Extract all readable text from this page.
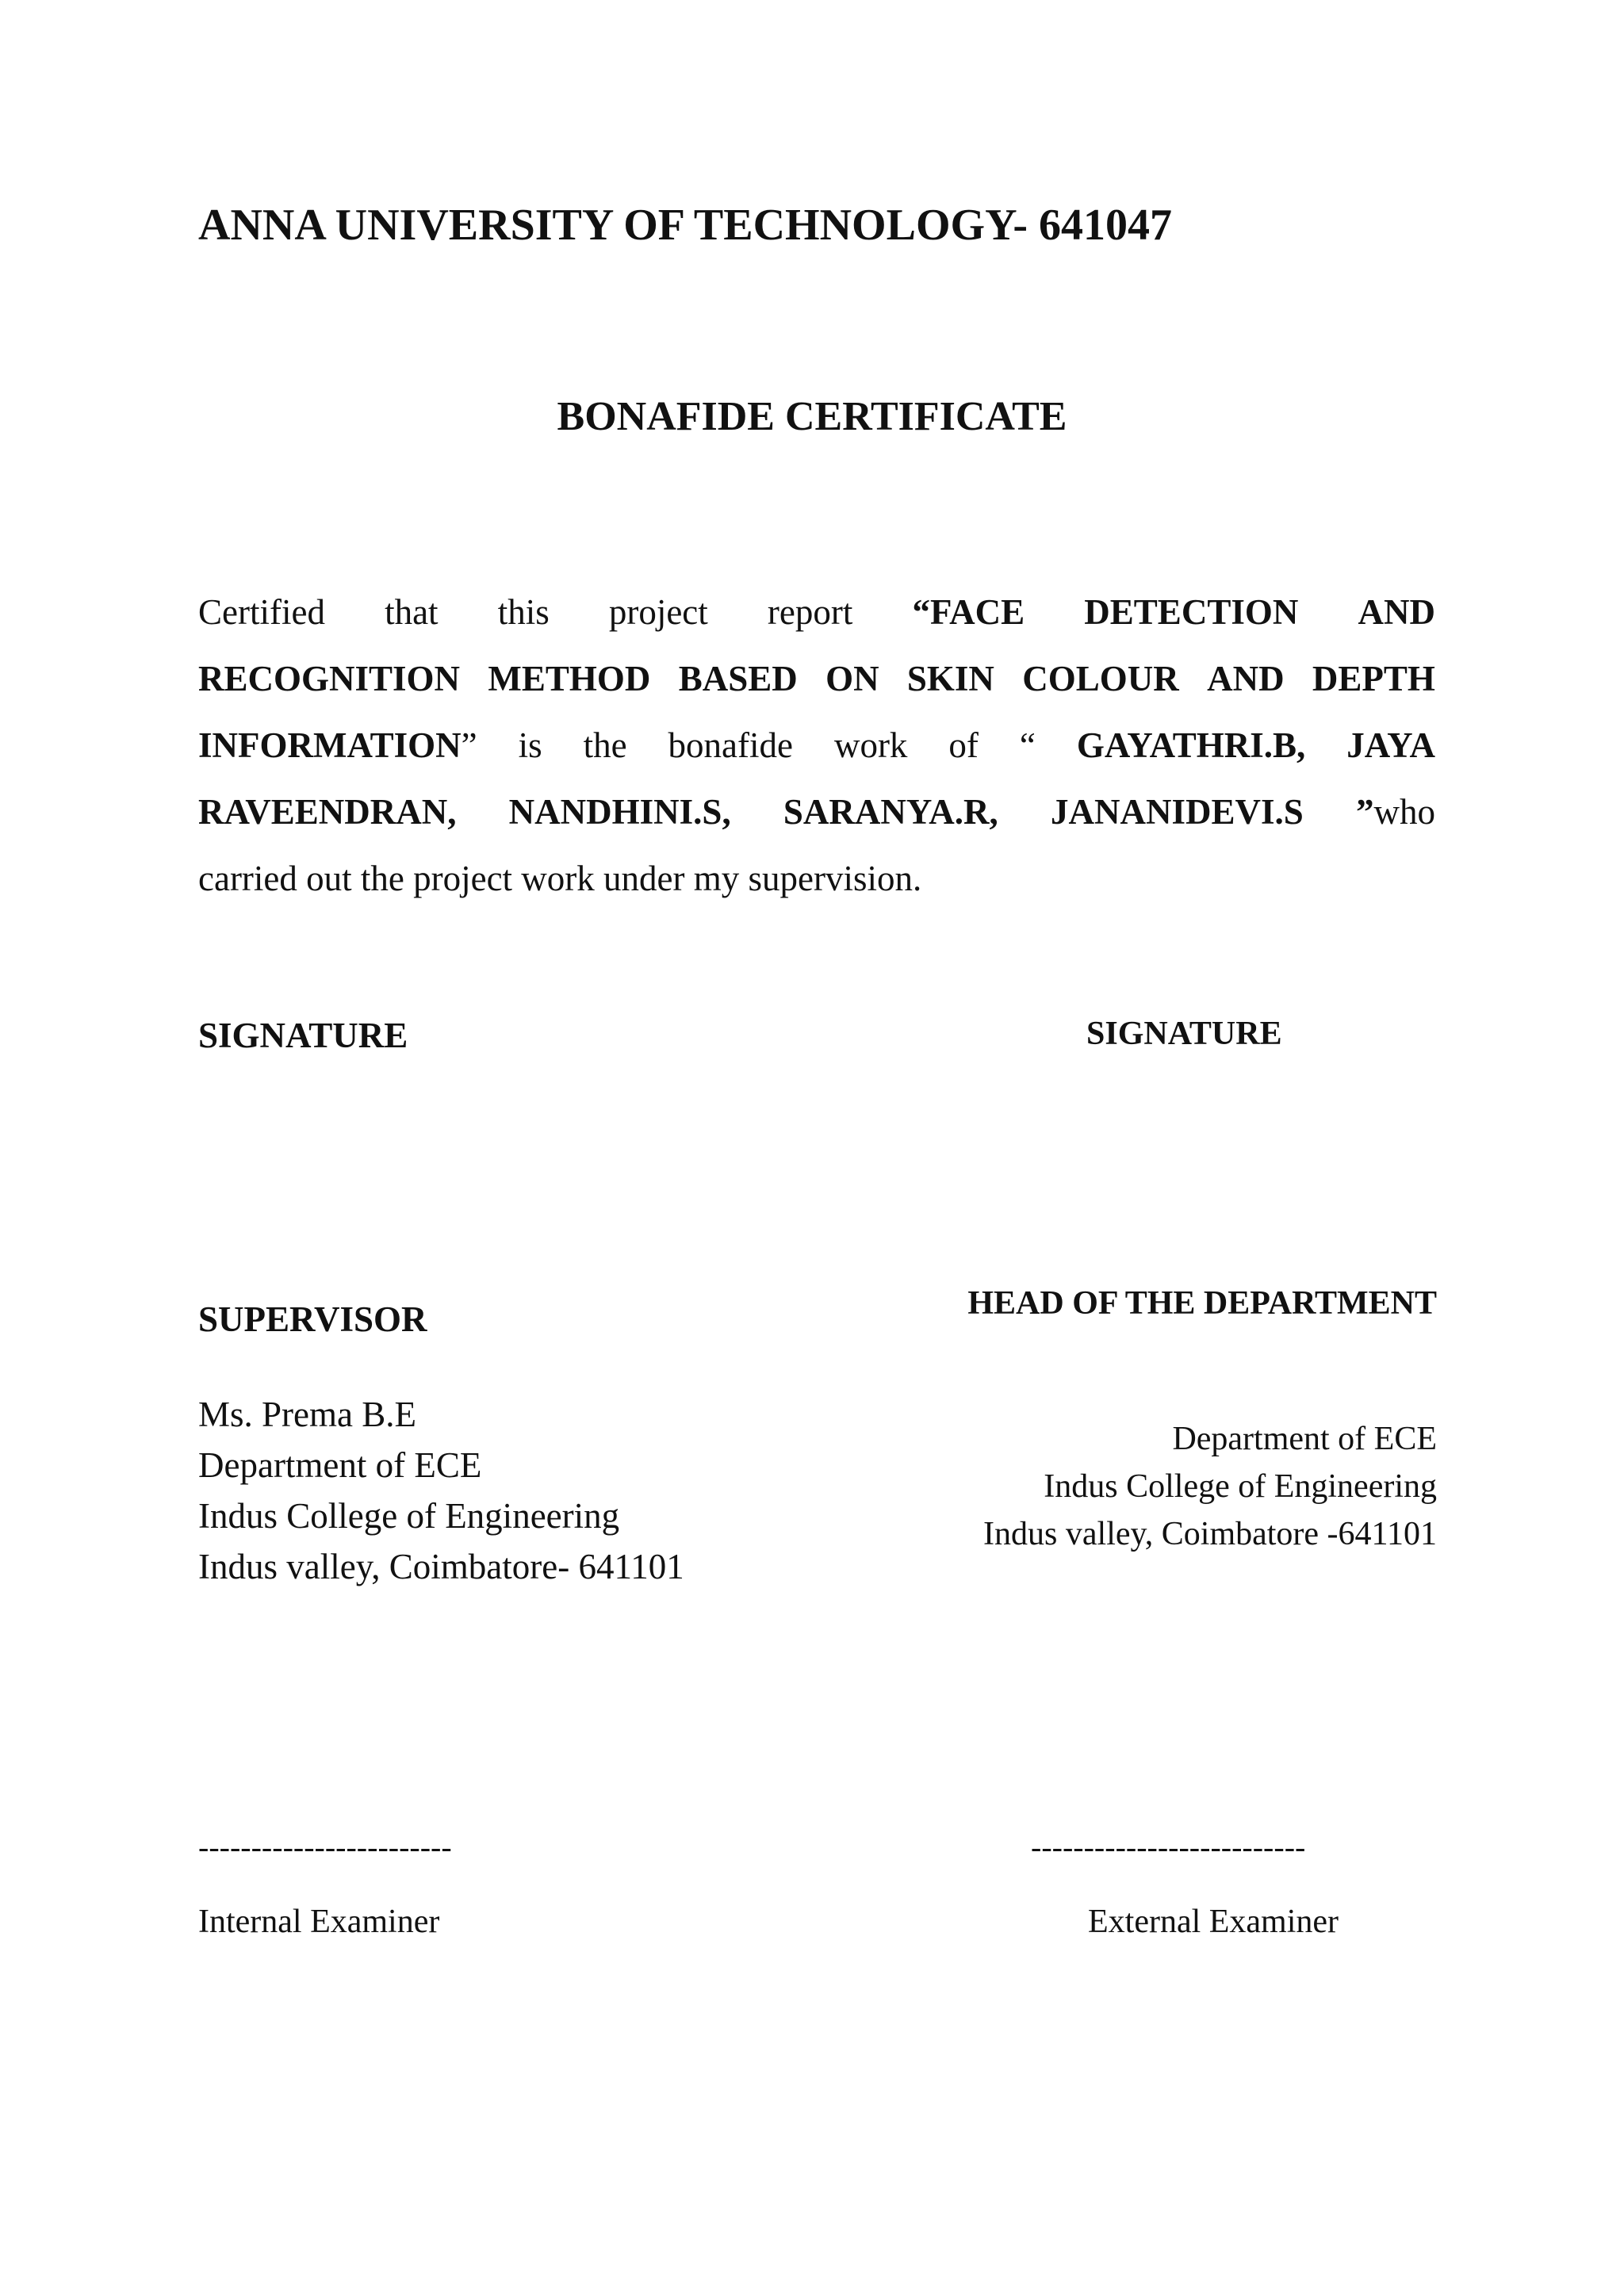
ANNA UNIVERSITY OF TECHNOLOGY- 641047
BONAFIDE CERTIFICATE
Certified that this project report “FACE DETECTION AND
RECOGNITION METHOD BASED ON SKIN COLOUR AND DEPTH
INFORMATION” is the bonafide work of “ GAYATHRI.B, JAYA
RAVEENDRAN, NANDHINI.S, SARANYA.R, JANANIDEVI.S ”who
carried out the project work under my supervision.
SIGNATURE	SIGNATURE
SUPERVISOR	HEAD OF THE DEPARTMENT
Ms. Prema B.E
Department of ECE
Indus College of Engineering
Indus valley, Coimbatore- 641101
Department of ECE
Indus College of Engineering
Indus valley, Coimbatore -641101
------------------------	--------------------------
Internal Examiner	External Examiner
